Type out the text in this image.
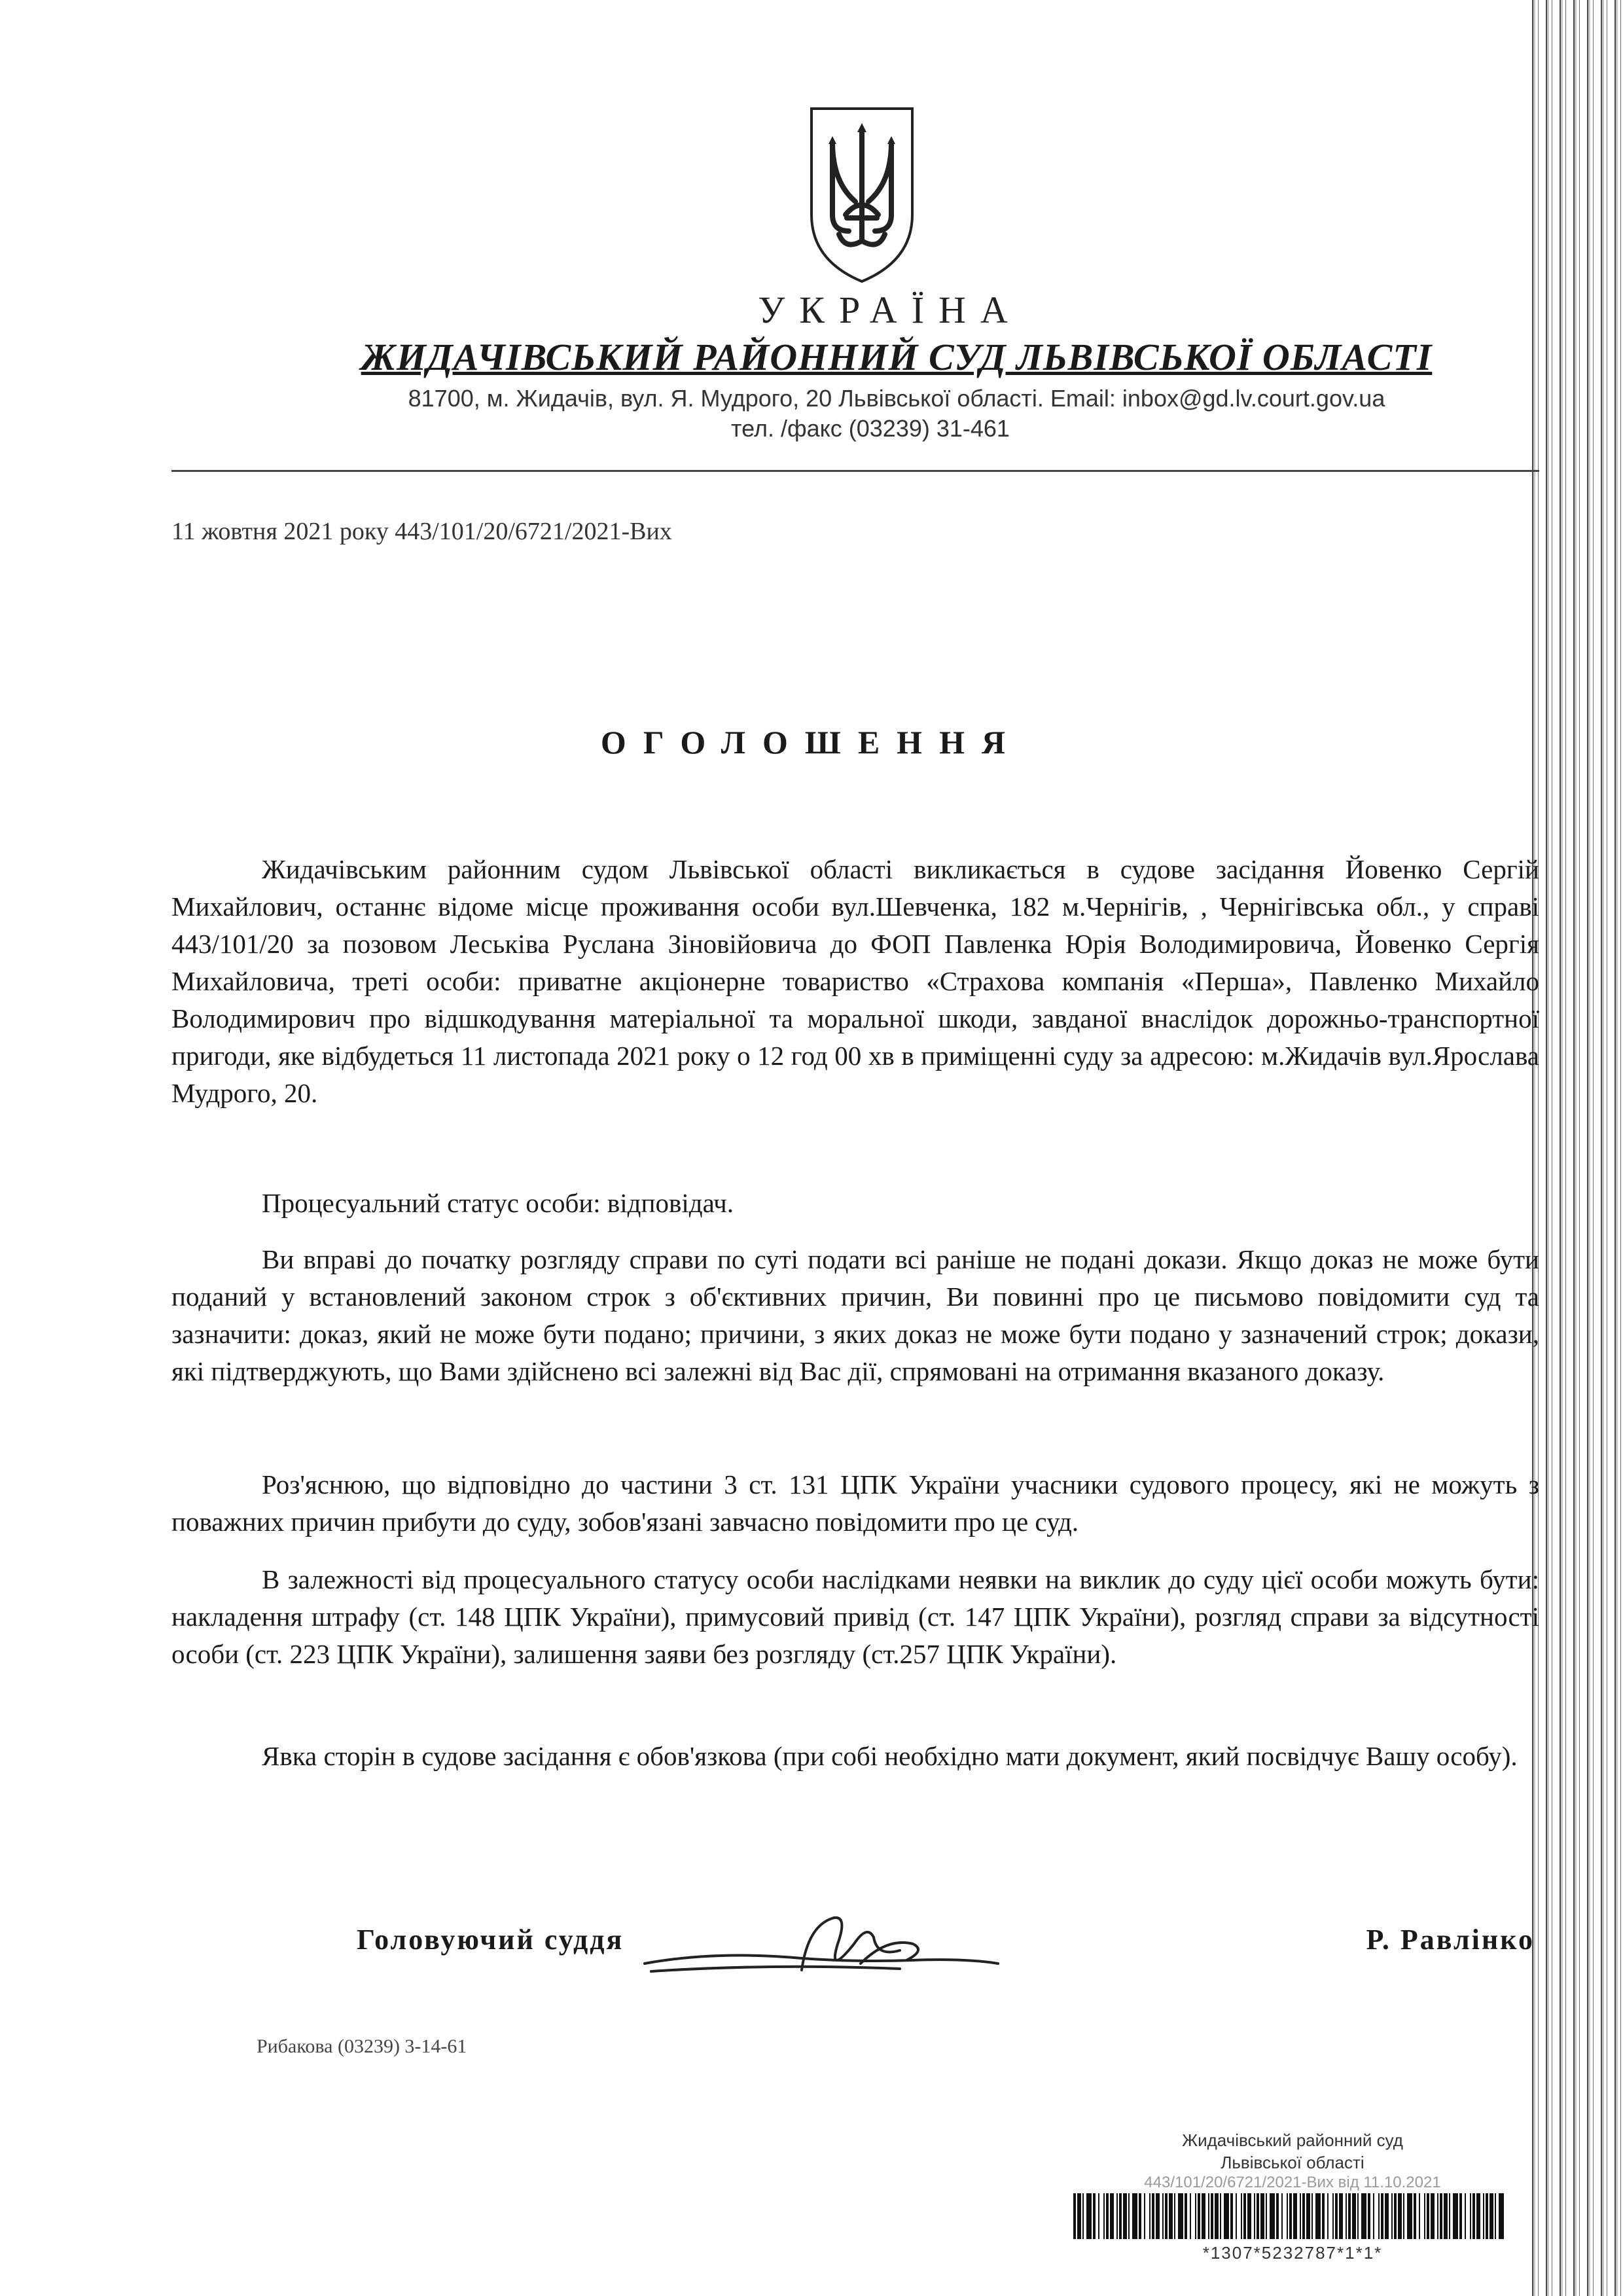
УКРАЇНА
ЖИДАЧІВСЬКИЙ РАЙОННИЙ СУД ЛЬВІВСЬКОЇ ОБЛАСТІ
81700, м. Жидачів, вул. Я. Мудрого, 20 Львівської області. Email: inbox@gd.lv.court.gov.ua
тел. /факс (03239) 31-461
11 жовтня 2021 року 443/101/20/6721/2021-Вих
ОГОЛОШЕННЯ
Жидачівським районним судом Львівської області викликається в судове засідання Йовенко Сергій Михайлович, останнє відоме місце проживання особи вул.Шевченка, 182 м.Чернігів, , Чернігівська обл., у справі 443/101/20 за позовом Леськіва Руслана Зіновійовича до ФОП Павленка Юрія Володимировича, Йовенко Сергія Михайловича, треті особи: приватне акціонерне товариство «Страхова компанія «Перша», Павленко Михайло Володимирович про відшкодування матеріальної та моральної шкоди, завданої внаслідок дорожньо-транспортної пригоди, яке відбудеться 11 листопада 2021 року о 12 год 00 хв в приміщенні суду за адресою: м.Жидачів вул.Ярослава Мудрого, 20.
Процесуальний статус особи: відповідач.
Ви вправі до початку розгляду справи по суті подати всі раніше не подані докази. Якщо доказ не може бути поданий у встановлений законом строк з об'єктивних причин, Ви повинні про це письмово повідомити суд та зазначити: доказ, який не може бути подано; причини, з яких доказ не може бути подано у зазначений строк; докази, які підтверджують, що Вами здійснено всі залежні від Вас дії, спрямовані на отримання вказаного доказу.
Роз'яснюю, що відповідно до частини 3 ст. 131 ЦПК України учасники судового процесу, які не можуть з поважних причин прибути до суду, зобов'язані завчасно повідомити про це суд.
В залежності від процесуального статусу особи наслідками неявки на виклик до суду цієї особи можуть бути: накладення штрафу (ст. 148 ЦПК України), примусовий привід (ст. 147 ЦПК України), розгляд справи за відсутності особи (ст. 223 ЦПК України), залишення заяви без розгляду (ст.257 ЦПК України).
Явка сторін в судове засідання є обов'язкова (при собі необхідно мати документ, який посвідчує Вашу особу).
Головуючий суддя	Р. Равлінко
Рибакова (03239) 3-14-61
Жидачівський районний суд
Львівської області
443/101/20/6721/2021-Вих від 11.10.2021
*1307*5232787*1*1*
